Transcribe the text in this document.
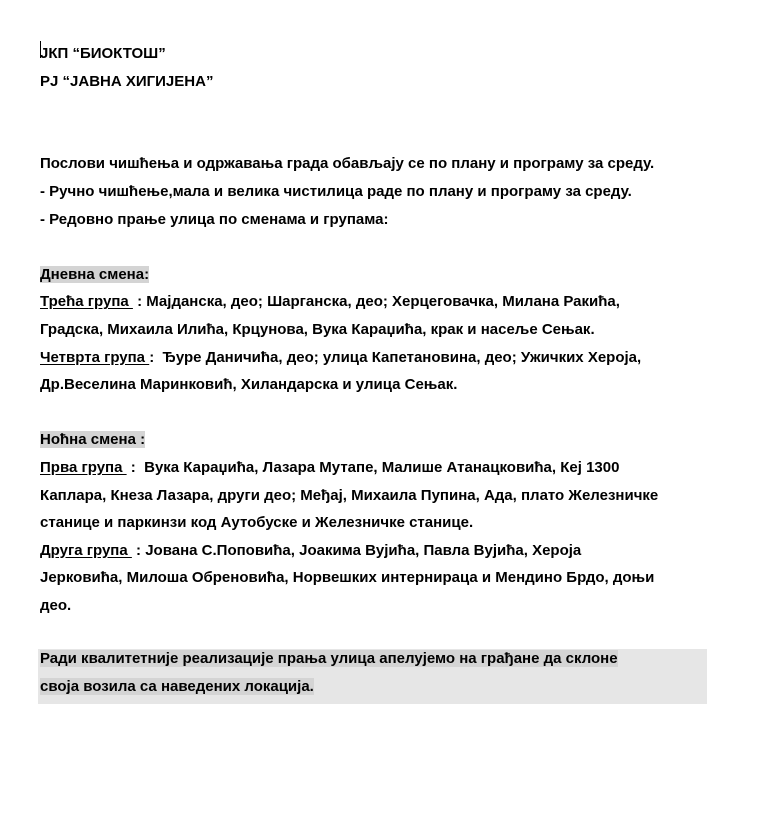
ЈКП “БИОКТОШ”
РЈ “ЈАВНА ХИГИЈЕНА”
Послови чишћења и одржавања града обављају се по плану и програму за среду.
- Ручно чишћење,мала и велика чистилица раде по плану и програму за среду.
- Редовно прање улица по сменама и групама:
Дневна смена:
Трећа група  : Мајданска, део; Шарганска, део; Херцеговачка, Милана Ракића,
Градска, Михаила Илића, Крцунова, Вука Караџића, крак и насеље Сењак.
Четврта група :  Ђуре Даничића, део; улица Капетановина, део; Ужичких Хероја,
Др.Веселина Маринковић, Хиландарска и улица Сењак.
Ноћна смена :
Прва група  :  Вука Караџића, Лазара Мутапе, Малише Атанацковића, Кеј 1300
Каплара, Кнеза Лазара, други део; Међај, Михаила Пупина, Ада, плато Железничке
станице и паркинзи код Аутобуске и Железничке станице.
Друга група  : Јована С.Поповића, Јоакима Вујића, Павла Вујића, Хероја
Јерковића, Милоша Обреновића, Норвешких интернираца и Мендино Брдо, доњи
део.
Ради квалитетније реализације прања улица апелујемо на грађане да склоне
своја возила са наведених локација.
